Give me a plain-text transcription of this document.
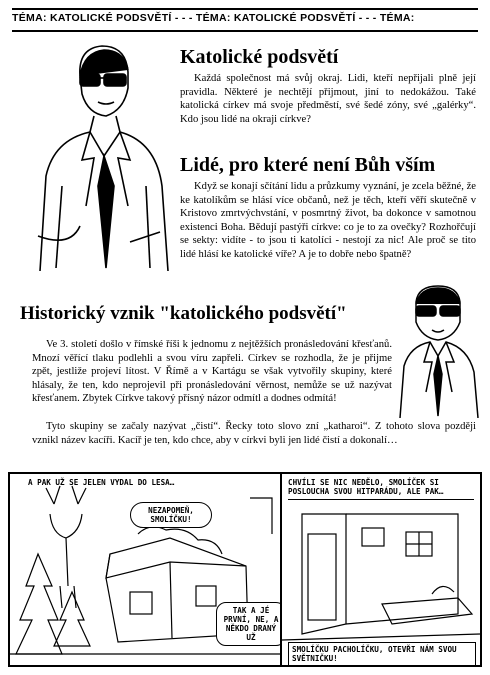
TÉMA: KATOLICKÉ PODSVĚTÍ - - - TÉMA: KATOLICKÉ PODSVĚTÍ - - - TÉMA:
Katolické podsvětí

Každá společnost má svůj okraj. Lidi, kteří nepřijali plně její pravidla. Některé je nechtějí přijmout, jiní to nedokážou. Také katolická církev má svoje předměstí, své šedé zóny, své „galérky“. Kdo jsou lidé na okraji církve?

Lidé, pro které není Bůh vším

Když se konají sčítání lidu a průzkumy vyznání, je zcela běžné, že ke katolíkům se hlásí více občanů, než je těch, kteří věří skutečně v Kristovo zmrtvýchvstání, v posmrtný život, ba dokonce v samotnou existenci Boha. Bědují pastýři církve: co je to za ovečky? Rozhořčují se sekty: vidíte - to jsou ti katolíci - nestojí za nic! Ale proč se tito lidé hlásí ke katolické víře? A je to dobře nebo špatně?

Historický vznik "katolického podsvětí"

Ve 3. století došlo v římské říši k jednomu z nejtěžších pronásledování křesťanů. Mnozí věřící tlaku podlehli a svou víru zapřeli. Církev se rozhodla, že je přijme zpět, jestliže projeví lítost. V Římě a v Kartágu se však vytvořily skupiny, které hlásaly, že ten, kdo neprojevil při pronásledování věrnost, nemůže se už nazývat křesťanem. Zbytek Církve takový přísný názor odmítl a dodnes odmítá!

Tyto skupiny se začaly nazývat „čistí“. Řecky toto slovo zní „katharoi“. Z tohoto slova později vznikl název kacíři. Kacíř je ten, kdo chce, aby v církvi byli jen lidé čistí a dokonalí…

A PAK UŽ SE JELEN VYDAL DO LESA…
NEZAPOMEŇ, SMOLÍČKU!
TAK A JÉ PRVNÍ, NE, A NĚKDO DRANÝ UŽ
CHVÍLI SE NIC NEDĚLO, SMOLÍČEK SI POSLOUCHA SVOU HITPARÁDU, ALE PAK…
SMOLÍČKU PACHOLÍČKU, OTEVŘI NÁM SVOU SVĚTNIČKU!
